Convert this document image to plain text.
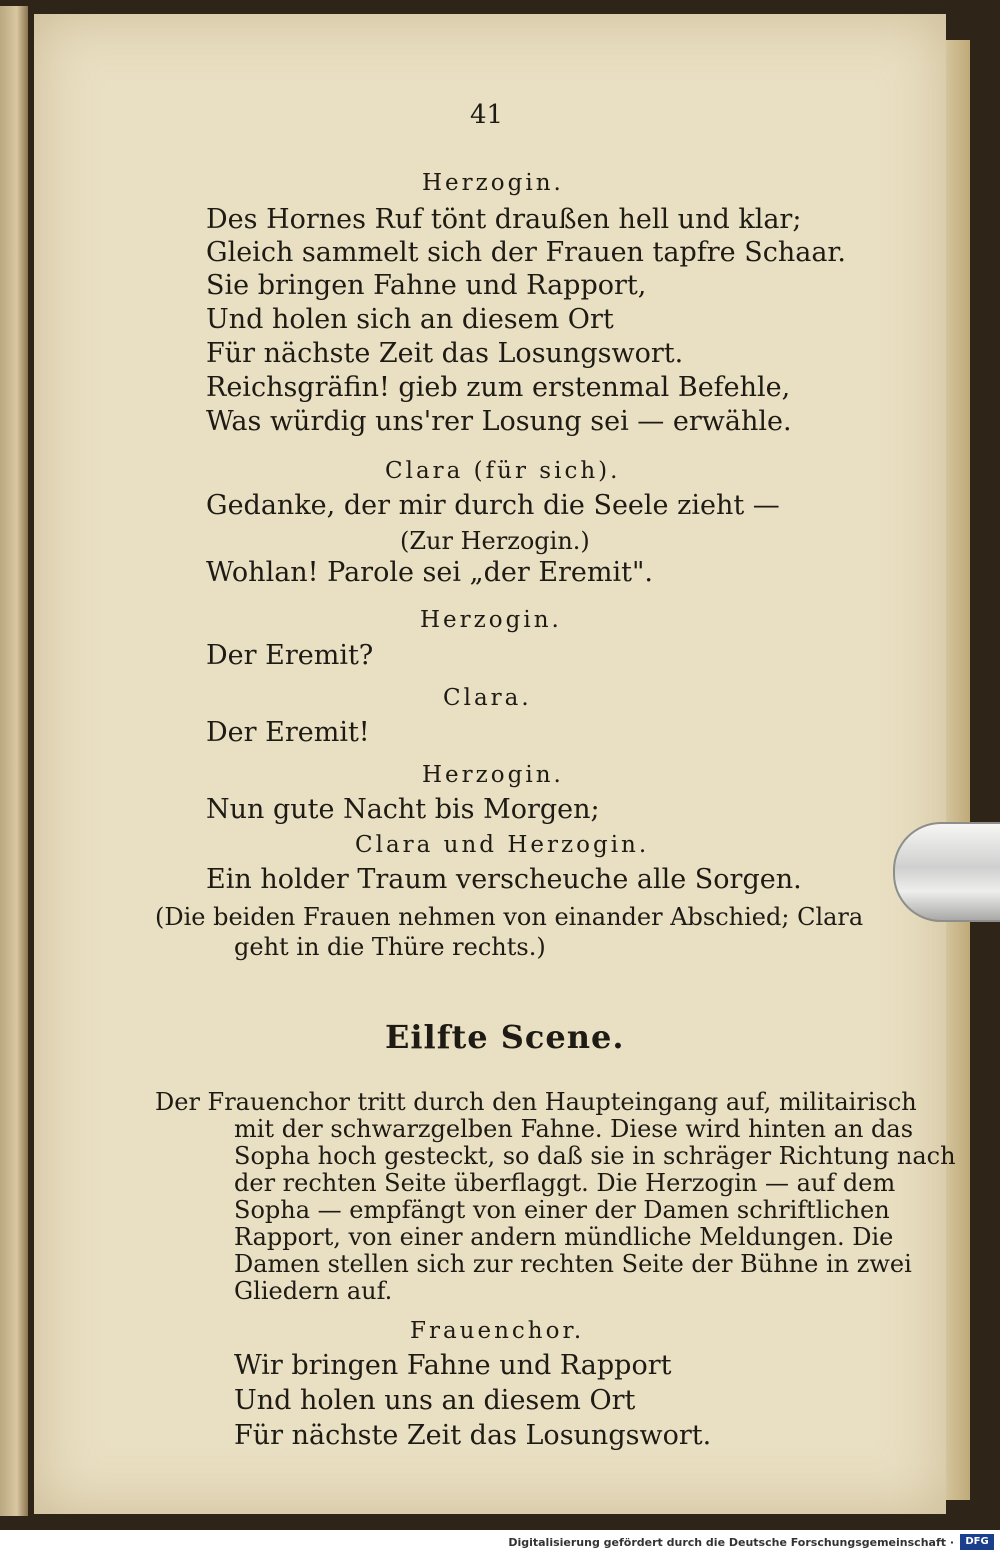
41
Herzogin.
Des Hornes Ruf tönt draußen hell und klar;
Gleich sammelt sich der Frauen tapfre Schaar.
Sie bringen Fahne und Rapport,
Und holen sich an diesem Ort
Für nächste Zeit das Losungswort.
Reichsgräfin! gieb zum erstenmal Befehle,
Was würdig uns'rer Losung sei — erwähle.
Clara (für sich).
Gedanke, der mir durch die Seele zieht —
(Zur Herzogin.)
Wohlan! Parole sei „der Eremit".
Herzogin.
Der Eremit?
Clara.
Der Eremit!
Herzogin.
Nun gute Nacht bis Morgen;
Clara und Herzogin.
Ein holder Traum verscheuche alle Sorgen.
(Die beiden Frauen nehmen von einander Abschied; Clara
geht in die Thüre rechts.)
Eilfte Scene.
Der Frauenchor tritt durch den Haupteingang auf, militairisch
mit der schwarzgelben Fahne. Diese wird hinten an das
Sopha hoch gesteckt, so daß sie in schräger Richtung nach
der rechten Seite überflaggt. Die Herzogin — auf dem
Sopha — empfängt von einer der Damen schriftlichen
Rapport, von einer andern mündliche Meldungen. Die
Damen stellen sich zur rechten Seite der Bühne in zwei
Gliedern auf.
Frauenchor.
Wir bringen Fahne und Rapport
Und holen uns an diesem Ort
Für nächste Zeit das Losungswort.
Digitalisierung gefördert durch die Deutsche Forschungsgemeinschaft ·	DFG
